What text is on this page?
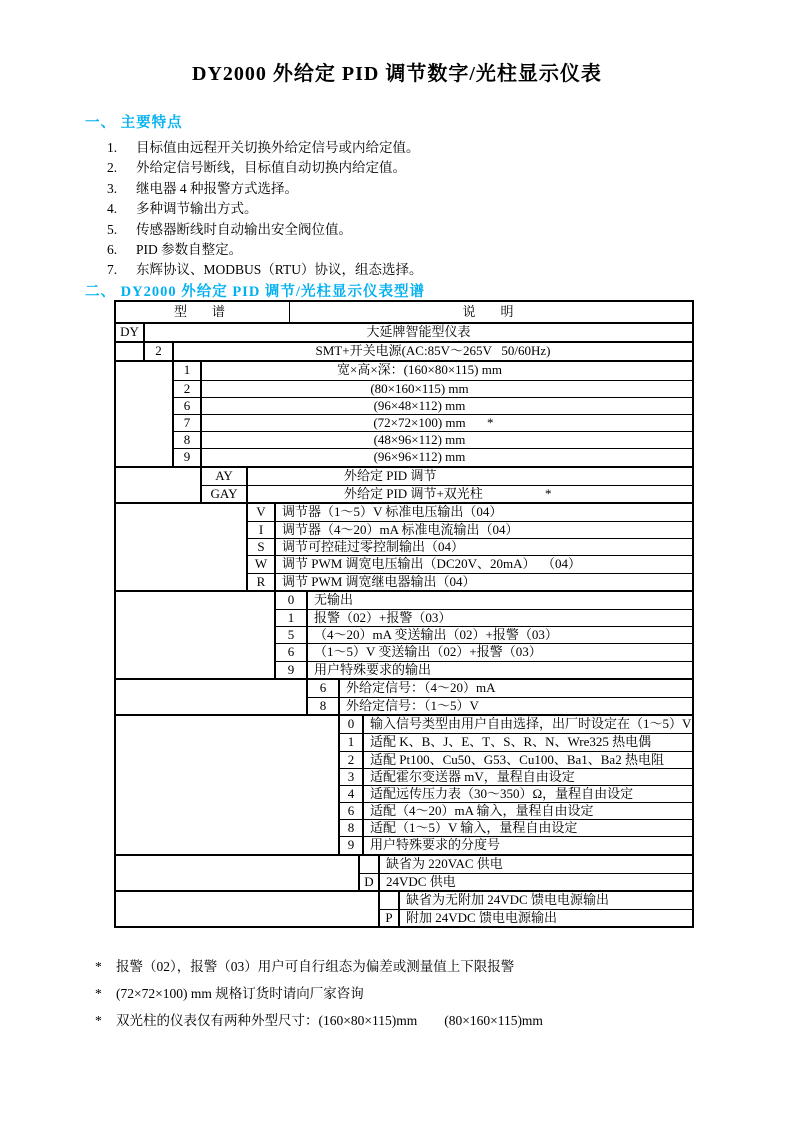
DY2000 外给定 PID 调节数字/光柱显示仪表
一、 主要特点
1.	目标值由远程开关切换外给定信号或内给定值。
2.	外给定信号断线，目标值自动切换内给定值。
3.	继电器 4 种报警方式选择。
4.	多种调节输出方式。
5.	传感器断线时自动输出安全阀位值。
6.	PID 参数自整定。
7.	东辉协议、MODBUS（RTU）协议，组态选择。
二、 DY2000 外给定 PID 调节/光柱显示仪表型谱
型　谱	说　明
DY	大延牌智能型仪表
2	SMT+开关电源(AC:85V～265V   50/60Hz)
1	宽×高×深：(160×80×115) mm
2	(80×160×115) mm
6	(96×48×112) mm
7	(72×72×100) mm *
8	(48×96×112) mm
9	(96×96×112) mm
AY	外给定 PID 调节
GAY	外给定 PID 调节+双光柱	*
V	调节器（1～5）V 标准电压输出（04）
I	调节器（4～20）mA 标准电流输出（04）
S	调节可控硅过零控制输出（04）
W	调节 PWM 调宽电压输出（DC20V、20mA）  （04）
R	调节 PWM 调宽继电器输出（04）
0	无输出
1	报警（02）+报警（03）
5	（4～20）mA 变送输出（02）+报警（03）
6	（1～5）V 变送输出（02）+报警（03）
9	用户特殊要求的输出
6	外给定信号：（4～20）mA
8	外给定信号：（1～5）V
0	输入信号类型由用户自由选择，出厂时设定在（1～5）V
1	适配 K、B、J、E、T、S、R、N、Wre325 热电偶
2	适配 Pt100、Cu50、G53、Cu100、Ba1、Ba2 热电阻
3	适配霍尔变送器 mV，量程自由设定
4	适配远传压力表（30～350）Ω，量程自由设定
6	适配（4～20）mA 输入，量程自由设定
8	适配（1～5）V 输入，量程自由设定
9	用户特殊要求的分度号
缺省为 220VAC 供电
D 24VDC 供电
缺省为无附加 24VDC 馈电电源输出
P	附加 24VDC 馈电电源输出
*	报警（02），报警（03）用户可自行组态为偏差或测量值上下限报警
*	(72×72×100) mm 规格订货时请向厂家咨询
*	双光柱的仪表仅有两种外型尺寸：(160×80×115)mm　　(80×160×115)mm
